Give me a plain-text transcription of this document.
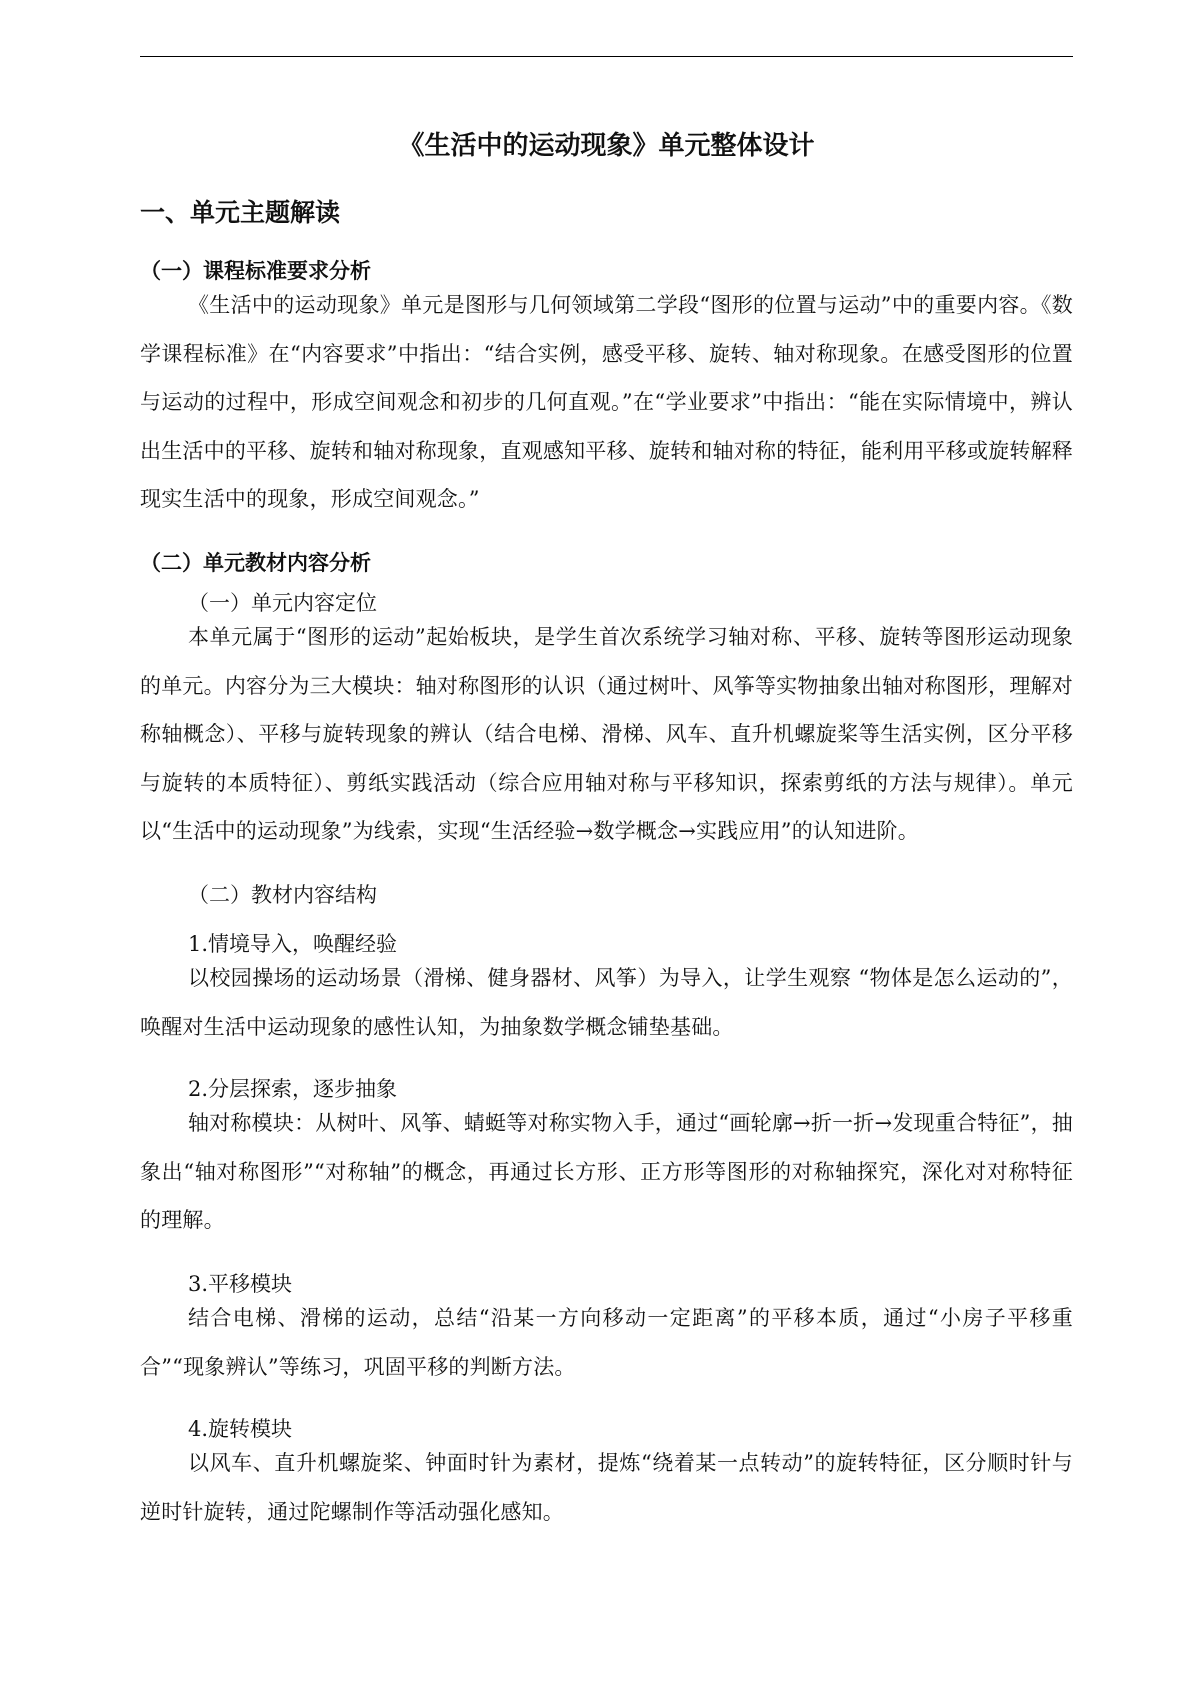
《生活中的运动现象》单元整体设计
一、单元主题解读
（一）课程标准要求分析

《生活中的运动现象》单元是图形与几何领域第二学段“图形的位置与运动”中的重要内容。《数学课程标准》在“内容要求”中指出：“结合实例，感受平移、旋转、轴对称现象。在感受图形的位置与运动的过程中，形成空间观念和初步的几何直观。”在“学业要求”中指出：“能在实际情境中，辨认出生活中的平移、旋转和轴对称现象，直观感知平移、旋转和轴对称的特征，能利用平移或旋转解释现实生活中的现象，形成空间观念。”

（二）单元教材内容分析

（一）单元内容定位

本单元属于“图形的运动”起始板块，是学生首次系统学习轴对称、平移、旋转等图形运动现象的单元。内容分为三大模块：轴对称图形的认识（通过树叶、风筝等实物抽象出轴对称图形，理解对称轴概念）、平移与旋转现象的辨认（结合电梯、滑梯、风车、直升机螺旋桨等生活实例，区分平移与旋转的本质特征）、剪纸实践活动（综合应用轴对称与平移知识，探索剪纸的方法与规律）。单元以“生活中的运动现象”为线索，实现“生活经验→数学概念→实践应用”的认知进阶。

（二）教材内容结构

1.情境导入，唤醒经验

以校园操场的运动场景（滑梯、健身器材、风筝）为导入，让学生观察 “物体是怎么运动的”，唤醒对生活中运动现象的感性认知，为抽象数学概念铺垫基础。

2.分层探索，逐步抽象

轴对称模块：从树叶、风筝、蜻蜓等对称实物入手，通过“画轮廓→折一折→发现重合特征”，抽象出“轴对称图形”“对称轴”的概念，再通过长方形、正方形等图形的对称轴探究，深化对对称特征的理解。

3.平移模块

结合电梯、滑梯的运动，总结“沿某一方向移动一定距离”的平移本质，通过“小房子平移重合”“现象辨认”等练习，巩固平移的判断方法。

4.旋转模块

以风车、直升机螺旋桨、钟面时针为素材，提炼“绕着某一点转动”的旋转特征，区分顺时针与逆时针旋转，通过陀螺制作等活动强化感知。
